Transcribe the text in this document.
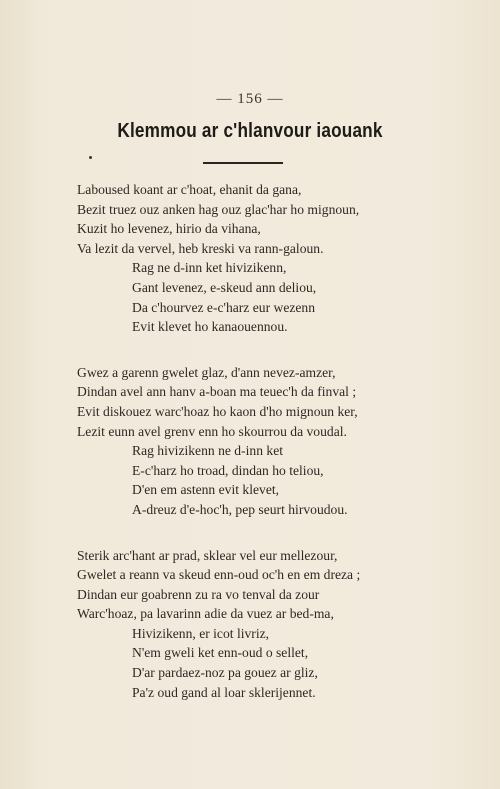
— 156 —
Klemmou ar c'hlanvour iaouank
Laboused koant ar c'hoat, ehanit da gana,
Bezit truez ouz anken hag ouz glac'har ho mignoun,
Kuzit ho levenez, hirio da vihana,
Va lezit da vervel, heb kreski va rann-galoun.
Rag ne d-inn ket hivizikenn,
Gant levenez, e-skeud ann deliou,
Da c'hourvez e-c'harz eur wezenn
Evit klevet ho kanaouennou.
Gwez a garenn gwelet glaz, d'ann nevez-amzer,
Dindan avel ann hanv a-boan ma teuec'h da finval ;
Evit diskouez warc'hoaz ho kaon d'ho mignoun ker,
Lezit eunn avel grenv enn ho skourrou da voudal.
Rag hivizikenn ne d-inn ket
E-c'harz ho troad, dindan ho teliou,
D'en em astenn evit klevet,
A-dreuz d'e-hoc'h, pep seurt hirvoudou.
Sterik arc'hant ar prad, sklear vel eur mellezour,
Gwelet a reann va skeud enn-oud oc'h en em dreza ;
Dindan eur goabrenn zu ra vo tenval da zour
Warc'hoaz, pa lavarinn adie da vuez ar bed-ma,
Hivizikenn, er icot livriz,
N'em gweli ket enn-oud o sellet,
D'ar pardaez-noz pa gouez ar gliz,
Pa'z oud gand al loar sklerijennet.
